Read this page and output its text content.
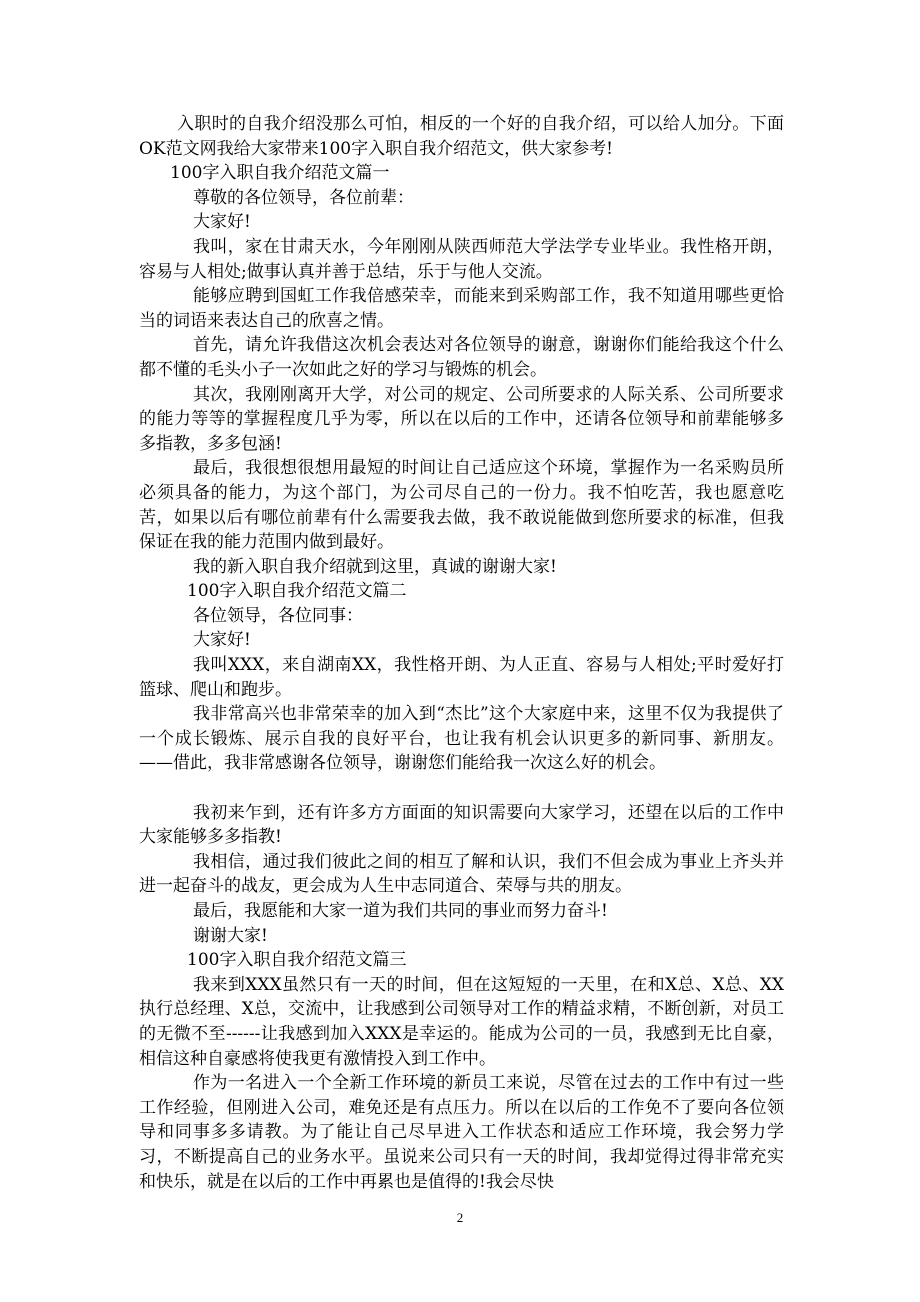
入职时的自我介绍没那么可怕，相反的一个好的自我介绍，可以给人加分。下面OK范文网我给大家带来100字入职自我介绍范文，供大家参考!

100字入职自我介绍范文篇一

尊敬的各位领导，各位前辈：

大家好!

我叫，家在甘肃天水，今年刚刚从陕西师范大学法学专业毕业。我性格开朗，容易与人相处;做事认真并善于总结，乐于与他人交流。

能够应聘到国虹工作我倍感荣幸，而能来到采购部工作，我不知道用哪些更恰当的词语来表达自己的欣喜之情。

首先，请允许我借这次机会表达对各位领导的谢意，谢谢你们能给我这个什么都不懂的毛头小子一次如此之好的学习与锻炼的机会。

其次，我刚刚离开大学，对公司的规定、公司所要求的人际关系、公司所要求的能力等等的掌握程度几乎为零，所以在以后的工作中，还请各位领导和前辈能够多多指教，多多包涵!

最后，我很想很想用最短的时间让自己适应这个环境，掌握作为一名采购员所必须具备的能力，为这个部门，为公司尽自己的一份力。我不怕吃苦，我也愿意吃苦，如果以后有哪位前辈有什么需要我去做，我不敢说能做到您所要求的标准，但我保证在我的能力范围内做到最好。

我的新入职自我介绍就到这里，真诚的谢谢大家!

100字入职自我介绍范文篇二

各位领导，各位同事：

大家好!

我叫XXX，来自湖南XX，我性格开朗、为人正直、容易与人相处;平时爱好打篮球、爬山和跑步。

我非常高兴也非常荣幸的加入到“杰比”这个大家庭中来，这里不仅为我提供了一个成长锻炼、展示自我的良好平台，也让我有机会认识更多的新同事、新朋友。——借此，我非常感谢各位领导，谢谢您们能给我一次这么好的机会。

我初来乍到，还有许多方方面面的知识需要向大家学习，还望在以后的工作中大家能够多多指教!

我相信，通过我们彼此之间的相互了解和认识，我们不但会成为事业上齐头并进一起奋斗的战友，更会成为人生中志同道合、荣辱与共的朋友。

最后，我愿能和大家一道为我们共同的事业而努力奋斗!

谢谢大家!

100字入职自我介绍范文篇三

我来到XXX虽然只有一天的时间，但在这短短的一天里，在和X总、X总、XX执行总经理、X总，交流中，让我感到公司领导对工作的精益求精，不断创新，对员工的无微不至------让我感到加入XXX是幸运的。能成为公司的一员，我感到无比自豪，相信这种自豪感将使我更有激情投入到工作中。

作为一名进入一个全新工作环境的新员工来说，尽管在过去的工作中有过一些工作经验，但刚进入公司，难免还是有点压力。所以在以后的工作免不了要向各位领导和同事多多请教。为了能让自己尽早进入工作状态和适应工作环境，我会努力学习，不断提高自己的业务水平。虽说来公司只有一天的时间，我却觉得过得非常充实和快乐，就是在以后的工作中再累也是值得的!我会尽快

2
